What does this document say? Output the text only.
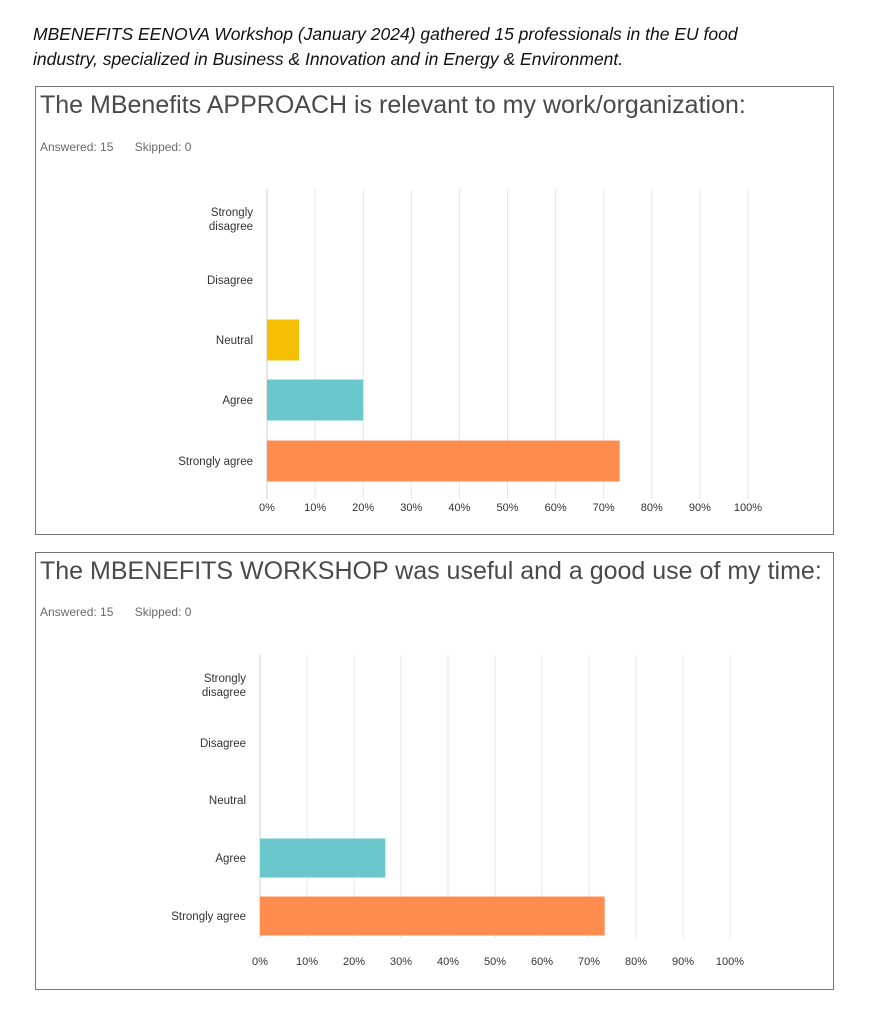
MBENEFITS EENOVA Workshop (January 2024) gathered 15 professionals in the EU food
industry, specialized in Business & Innovation and in Energy & Environment.
The MBenefits APPROACH is relevant to my work/organization:
Answered: 15 Skipped: 0
0%	10% 20% 30% 40% 50% 60% 70% 80% 90% 100%
Strongly disagree
Disagree
Neutral
Agree
Strongly agree
The MBENEFITS WORKSHOP was useful and a good use of my time:
Answered: 15 Skipped: 0
0%	10% 20% 30% 40% 50% 60% 70% 80% 90% 100%
Strongly disagree
Disagree
Neutral
Agree
Strongly agree
